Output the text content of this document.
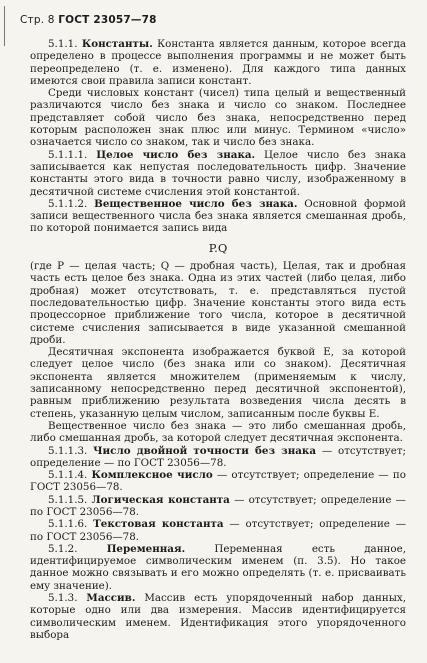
Стр. 8 ГОСТ 23057—78

5.1.1. Константы. Константа является данным, которое всегда определено в процессе выполнения программы и не может быть переопределено (т. е. изменено). Для каждого типа данных имеются свои правила записи констант.

Среди числовых констант (чисел) типа целый и вещественный различаются число без знака и число со знаком. Последнее представляет собой число без знака, непосредственно перед которым расположен знак плюс или минус. Термином «число» означается число со знаком, так и число без знака.

5.1.1.1. Целое число без знака. Целое число без знака записывается как непустая последовательность цифр. Значение константы этого вида в точности равно числу, изображенному в десятичной системе счисления этой константой.

5.1.1.2. Вещественное число без знака. Основной формой записи вещественного числа без знака является смешанная дробь, по которой понимается запись вида

P.Q

(где P — целая часть; Q — дробная часть), Целая, так и дробная часть есть целое без знака. Одна из этих частей (либо целая, либо дробная) может отсутствовать, т. е. представляться пустой последовательностью цифр. Значение константы этого вида есть процессорное приближение того числа, которое в десятичной системе счисления записывается в виде указанной смешанной дроби.

Десятичная экспонента изображается буквой E, за которой следует целое число (без знака или со знаком). Десятичная экспонента является множителем (применяемым к числу, записанному непосредственно перед десятичной экспонентой), равным приближению результата возведения числа десять в степень, указанную целым числом, записанным после буквы E.

Вещественное число без знака — это либо смешанная дробь, либо смешанная дробь, за которой следует десятичная экспонента.

5.1.1.3. Число двойной точности без знака — отсутствует; определение — по ГОСТ 23056—78.

5.1.1.4. Комплексное число — отсутствует; определение — по ГОСТ 23056—78.

5.1.1.5. Логическая константа — отсутствует; определение — по ГОСТ 23056—78.

5.1.1.6. Текстовая константа — отсутствует; определение — по ГОСТ 23056—78.

5.1.2.	Переменная. Переменная есть данное, идентифицируемое символическим именем (п. 3.5). Но такое данное можно связывать и его можно определять (т. е. присваивать ему значение).

5.1.3. Массив. Массив есть упорядоченный набор данных, которые одно или два измерения. Массив идентифицируется символическим именем. Идентификация этого упорядоченного выбора
